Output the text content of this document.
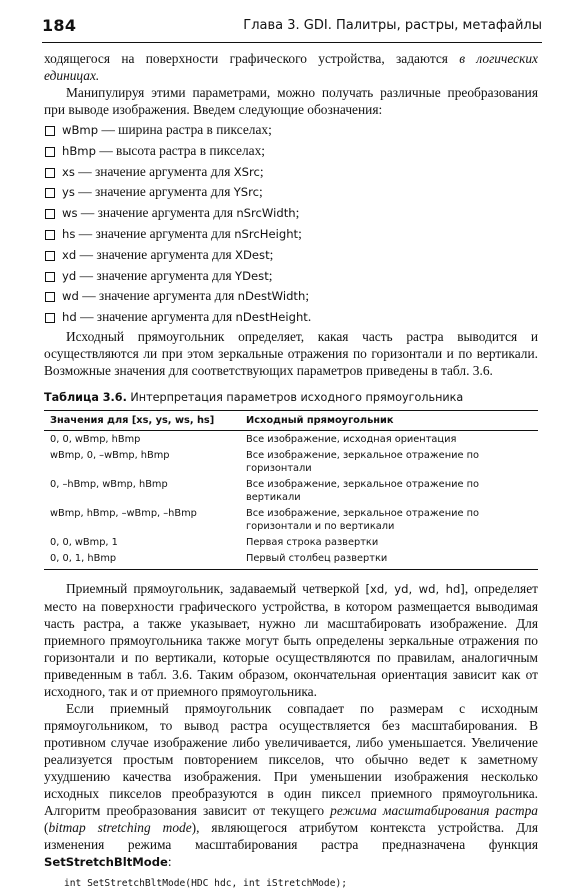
184	Глава 3. GDI. Палитры, растры, метафайлы

ходящегося на поверхности графического устройства, задаются в логических единицах.

Манипулируя этими параметрами, можно получать различные преобразования при выводе изображения. Введем следующие обозначения:

wBmp — ширина растра в пикселах;
hBmp — высота растра в пикселах;
xs — значение аргумента для XSrc;
ys — значение аргумента для YSrc;
ws — значение аргумента для nSrcWidth;
hs — значение аргумента для nSrcHeight;
xd — значение аргумента для XDest;
yd — значение аргумента для YDest;
wd — значение аргумента для nDestWidth;
hd — значение аргумента для nDestHeight.

Исходный прямоугольник определяет, какая часть растра выводится и осуществляются ли при этом зеркальные отражения по горизонтали и по вертикали. Возможные значения для соответствующих параметров приведены в табл. 3.6.

Таблица 3.6. Интерпретация параметров исходного прямоугольника
Значения для [xs, ys, ws, hs]	Исходный прямоугольник
0, 0, wBmp, hBmp	Все изображение, исходная ориентация
wBmp, 0, –wBmp, hBmp	Все изображение, зеркальное отражение по горизонтали
0, –hBmp, wBmp, hBmp	Все изображение, зеркальное отражение по вертикали
wBmp, hBmp, –wBmp, –hBmp	Все изображение, зеркальное отражение по горизонтали и по вертикали
0, 0, wBmp, 1	Первая строка развертки
0, 0, 1, hBmp	Первый столбец развертки

Приемный прямоугольник, задаваемый четверкой [xd, yd, wd, hd], определяет место на поверхности графического устройства, в котором размещается выводимая часть растра, а также указывает, нужно ли масштабировать изображение. Для приемного прямоугольника также могут быть определены зеркальные отражения по горизонтали и по вертикали, которые осуществляются по правилам, аналогичным приведенным в табл. 3.6. Таким образом, окончательная ориентация зависит как от исходного, так и от приемного прямоугольника.

Если приемный прямоугольник совпадает по размерам с исходным прямоугольником, то вывод растра осуществляется без масштабирования. В противном случае изображение либо увеличивается, либо уменьшается. Увеличение реализуется простым повторением пикселов, что обычно ведет к заметному ухудшению качества изображения. При уменьшении изображения несколько исходных пикселов преобразуются в один пиксел приемного прямоугольника. Алгоритм преобразования зависит от текущего режима масштабирования растра (bitmap stretching mode), являющегося атрибутом контекста устройства. Для изменения режима масштабирования растра предназначена функция SetStretchBltMode:

int SetStretchBltMode(HDC hdc, int iStretchMode);
